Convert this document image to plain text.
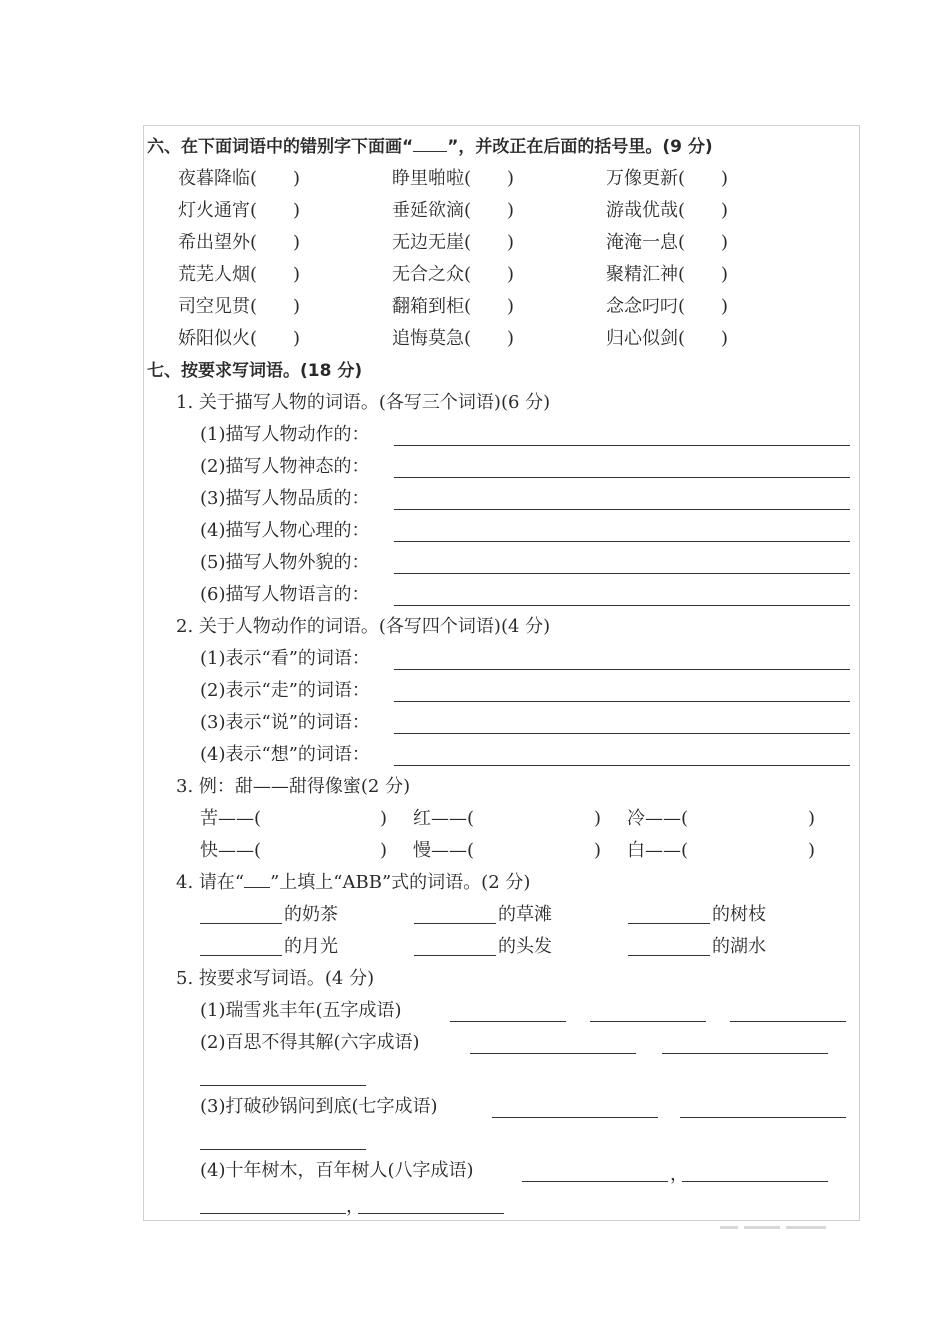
六、在下面词语中的错别字下面画“ ”，并改正在后面的括号里。(9 分)
夜暮降临(　　)	睁里啪啦(　　)	万像更新(　　)
灯火通宵(　　)	垂延欲滴(　　)	游哉优哉(　　)
希出望外(　　)	无边无崖(　　)	淹淹一息(　　)
荒芜人烟(　　)	无合之众(　　)	聚精汇神(　　)
司空见贯(　　)	翻箱到柜(　　)	念念叼叼(　　)
娇阳似火(　　)	追悔莫急(　　)	归心似剑(　　)
七、按要求写词语。(18 分)
1. 关于描写人物的词语。(各写三个词语)(6 分)
(1)描写人物动作的：
(2)描写人物神态的：
(3)描写人物品质的：
(4)描写人物心理的：
(5)描写人物外貌的：
(6)描写人物语言的：
2. 关于人物动作的词语。(各写四个词语)(4 分)
(1)表示“看”的词语：
(2)表示“走”的词语：
(3)表示“说”的词语：
(4)表示“想”的词语：
3. 例：甜——甜得像蜜(2 分)
苦——(	) 红——(	) 冷——(	)
快——(	) 慢——(	) 白——(	)
4. 请在“ ”上填上“ABB”式的词语。(2 分)
的奶茶	的草滩	的树枝
的月光	的头发	的湖水
5. 按要求写词语。(4 分)
(1)瑞雪兆丰年(五字成语)
(2)百思不得其解(六字成语)
(3)打破砂锅问到底(七字成语)
(4)十年树木，百年树人(八字成语)	，
，
